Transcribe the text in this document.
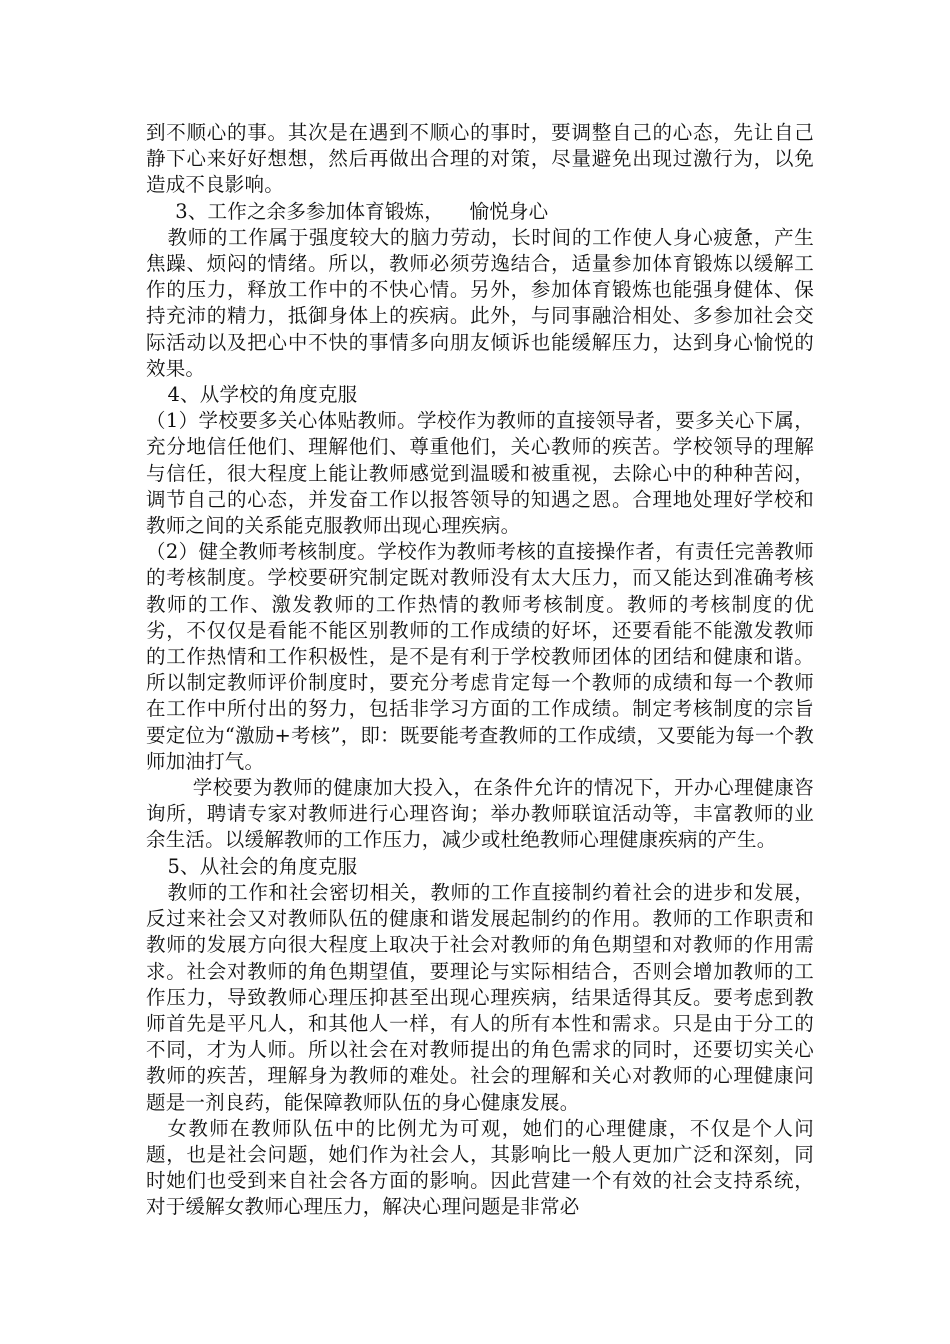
到不顺心的事。其次是在遇到不顺心的事时，要调整自己的心态，先让自己静下心来好好想想，然后再做出合理的对策，尽量避免出现过激行为，以免造成不良影响。

3、工作之余多参加体育锻炼，    愉悦身心

教师的工作属于强度较大的脑力劳动，长时间的工作使人身心疲惫，产生焦躁、烦闷的情绪。所以，教师必须劳逸结合，适量参加体育锻炼以缓解工作的压力，释放工作中的不快心情。另外，参加体育锻炼也能强身健体、保持充沛的精力，抵御身体上的疾病。此外，与同事融洽相处、多参加社会交际活动以及把心中不快的事情多向朋友倾诉也能缓解压力，达到身心愉悦的效果。

4、从学校的角度克服

（1）学校要多关心体贴教师。学校作为教师的直接领导者，要多关心下属，充分地信任他们、理解他们、尊重他们，关心教师的疾苦。学校领导的理解与信任，很大程度上能让教师感觉到温暖和被重视，去除心中的种种苦闷，调节自己的心态，并发奋工作以报答领导的知遇之恩。合理地处理好学校和教师之间的关系能克服教师出现心理疾病。

（2）健全教师考核制度。学校作为教师考核的直接操作者，有责任完善教师的考核制度。学校要研究制定既对教师没有太大压力，而又能达到准确考核教师的工作、激发教师的工作热情的教师考核制度。教师的考核制度的优劣，不仅仅是看能不能区别教师的工作成绩的好坏，还要看能不能激发教师的工作热情和工作积极性，是不是有利于学校教师团体的团结和健康和谐。所以制定教师评价制度时，要充分考虑肯定每一个教师的成绩和每一个教师在工作中所付出的努力，包括非学习方面的工作成绩。制定考核制度的宗旨要定位为“激励+考核”，即：既要能考查教师的工作成绩，又要能为每一个教师加油打气。

学校要为教师的健康加大投入，在条件允许的情况下，开办心理健康咨询所，聘请专家对教师进行心理咨询；举办教师联谊活动等，丰富教师的业余生活。以缓解教师的工作压力，减少或杜绝教师心理健康疾病的产生。

5、从社会的角度克服

教师的工作和社会密切相关，教师的工作直接制约着社会的进步和发展，反过来社会又对教师队伍的健康和谐发展起制约的作用。教师的工作职责和教师的发展方向很大程度上取决于社会对教师的角色期望和对教师的作用需求。社会对教师的角色期望值，要理论与实际相结合，否则会增加教师的工作压力，导致教师心理压抑甚至出现心理疾病，结果适得其反。要考虑到教师首先是平凡人，和其他人一样，有人的所有本性和需求。只是由于分工的不同，才为人师。所以社会在对教师提出的角色需求的同时，还要切实关心教师的疾苦，理解身为教师的难处。社会的理解和关心对教师的心理健康问题是一剂良药，能保障教师队伍的身心健康发展。

女教师在教师队伍中的比例尤为可观，她们的心理健康，不仅是个人问题，也是社会问题，她们作为社会人，其影响比一般人更加广泛和深刻，同时她们也受到来自社会各方面的影响。因此营建一个有效的社会支持系统，对于缓解女教师心理压力，解决心理问题是非常必
